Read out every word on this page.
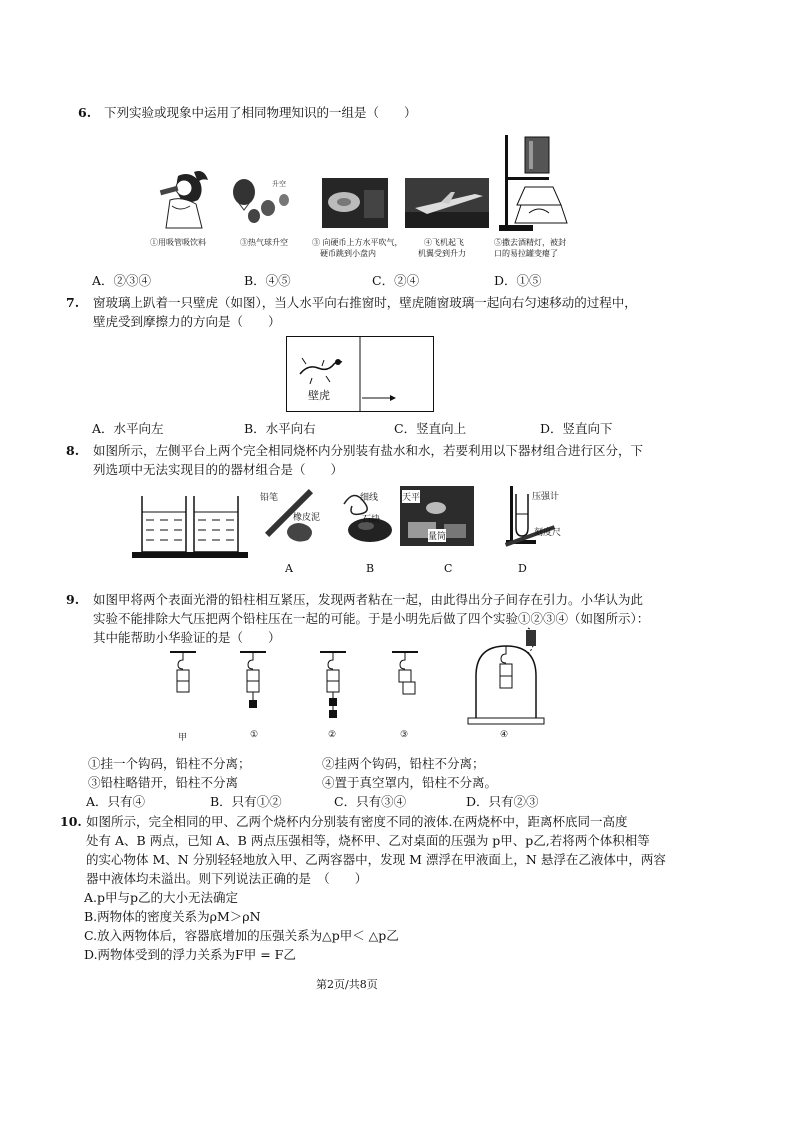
6. 下列实验或现象中运用了相同物理知识的一组是（　　）
升空
①用吸管吸饮料	③热气球升空	③ 向硬币上方水平吹气，
硬币跳到小盘内
④飞机起飞
机翼受到升力
⑤撒去酒精灯，被封
口的易拉罐变瘪了
A．②③④	B．④⑤	C．②④	D．①⑤
7. 窗玻璃上趴着一只壁虎（如图），当人水平向右推窗时，壁虎随窗玻璃一起向右匀速移动的过程中，
壁虎受到摩擦力的方向是（　　）
壁虎
A．水平向左	B．水平向右	C．竖直向上	D．竖直向下
8. 如图所示，左侧平台上两个完全相同烧杯内分别装有盐水和水，若要利用以下器材组合进行区分，下
列选项中无法实现目的的器材组合是（　　）
铅笔
橡皮泥
A
细线
石块
B
天平
量筒
C
压强计
刻度尺
D
9. 如图甲将两个表面光滑的铅柱相互紧压，发现两者粘在一起，由此得出分子间存在引力。小华认为此
实验不能排除大气压把两个铅柱压在一起的可能。于是小明先后做了四个实验①②③④（如图所示）：
其中能帮助小华验证的是（　　）
甲	①	②	③	④
①挂一个钩码，铅柱不分离；	②挂两个钩码，铅柱不分离；
③铅柱略错开，铅柱不分离	④置于真空罩内，铅柱不分离。
A．只有④	B．只有①②	C．只有③④	D．只有②③
10. 如图所示，完全相同的甲、乙两个烧杯内分别装有密度不同的液体.在两烧杯中，距离杯底同一高度
处有 A、B 两点，已知 A、B 两点压强相等，烧杯甲、乙对桌面的压强为 p甲、p乙,若将两个体积相等
的实心物体 M、N 分别轻轻地放入甲、乙两容器中，发现 M 漂浮在甲液面上，N 悬浮在乙液体中，两容
器中液体均未溢出。则下列说法正确的是　（　　）
A.p甲与p乙的大小无法确定
B.两物体的密度关系为ρM＞ρN
C.放入两物体后，容器底增加的压强关系为△p甲＜ △p乙
D.两物体受到的浮力关系为F甲 = F乙
第2页/共8页
